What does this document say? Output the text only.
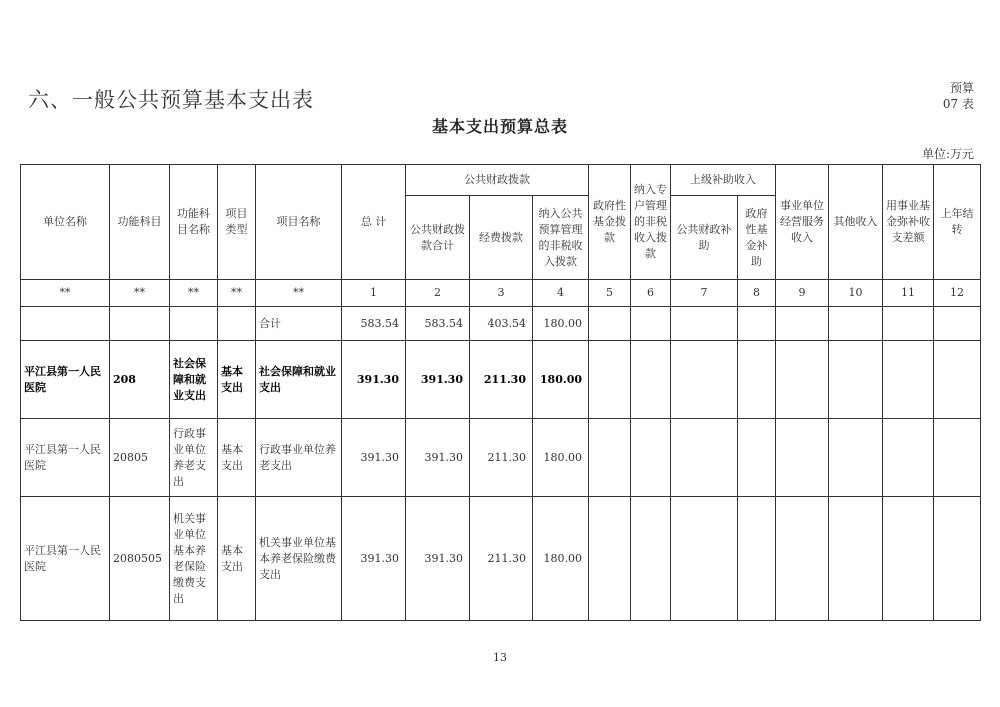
六、一般公共预算基本支出表	预算
07 表
基本支出预算总表
单位:万元
单位名称	功能科目	功能科目名称	项目类型	项目名称	总 计	公共财政拨款			政府性基金拨款	纳入专户管理的非税收入拨款	上级补助收入		事业单位经营服务收入	其他收入	用事业基金弥补收支差额	上年结转
						公共财政拨款合计	经费拨款	纳入公共预算管理的非税收入拨款			公共财政补助	政府性基金补助				
**	**	**	**	**	1	2	3	4	5	6	7	8	9	10	11	12
				合计	583.54	583.54	403.54	180.00								
平江县第一人民医院	208	社会保障和就业支出	基本支出	社会保障和就业支出	391.30	391.30	211.30	180.00								
平江县第一人民医院	20805	行政事业单位养老支出	基本支出	行政事业单位养老支出	391.30	391.30	211.30	180.00								
平江县第一人民医院	2080505	机关事业单位基本养老保险缴费支出	基本支出	机关事业单位基本养老保险缴费支出	391.30	391.30	211.30	180.00								
13
